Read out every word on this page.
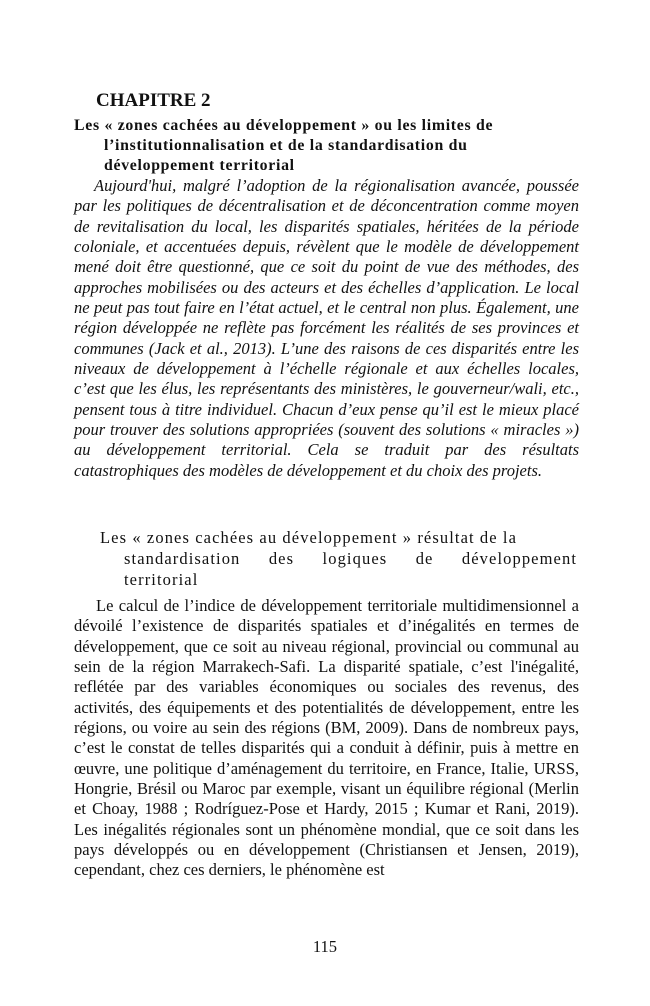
CHAPITRE 2
Les « zones cachées au développement » ou les limites de
l’institutionnalisation et de la standardisation du
développement territorial

Aujourd'hui, malgré l’adoption de la régionalisation avancée, poussée par les politiques de décentralisation et de déconcentration comme moyen de revitalisation du local, les disparités spatiales, héritées de la période coloniale, et accentuées depuis, révèlent que le modèle de développement mené doit être questionné, que ce soit du point de vue des méthodes, des approches mobilisées ou des acteurs et des échelles d’application. Le local ne peut pas tout faire en l’état actuel, et le central non plus. Également, une région développée ne reflète pas forcément les réalités de ses provinces et communes (Jack et al., 2013). L’une des raisons de ces disparités entre les niveaux de développement à l’échelle régionale et aux échelles locales, c’est que les élus, les représentants des ministères, le gouverneur/wali, etc., pensent tous à titre individuel. Chacun d’eux pense qu’il est le mieux placé pour trouver des solutions appropriées (souvent des solutions « miracles ») au développement territorial. Cela se traduit par des résultats catastrophiques des modèles de développement et du choix des projets.

Les « zones cachées au développement » résultat de la
standardisation des logiques de développement
territorial

Le calcul de l’indice de développement territoriale multidimensionnel a dévoilé l’existence de disparités spatiales et d’inégalités en termes de développement, que ce soit au niveau régional, provincial ou communal au sein de la région Marrakech-Safi. La disparité spatiale, c’est l'inégalité, reflétée par des variables économiques ou sociales des revenus, des activités, des équipements et des potentialités de développement, entre les régions, ou voire au sein des régions (BM, 2009). Dans de nombreux pays, c’est le constat de telles disparités qui a conduit à définir, puis à mettre en œuvre, une politique d’aménagement du territoire, en France, Italie, URSS, Hongrie, Brésil ou Maroc par exemple, visant un équilibre régional (Merlin et Choay, 1988 ; Rodríguez-Pose et Hardy, 2015 ; Kumar et Rani, 2019). Les inégalités régionales sont un phénomène mondial, que ce soit dans les pays développés ou en développement (Christiansen et Jensen, 2019), cependant, chez ces derniers, le phénomène est

115
